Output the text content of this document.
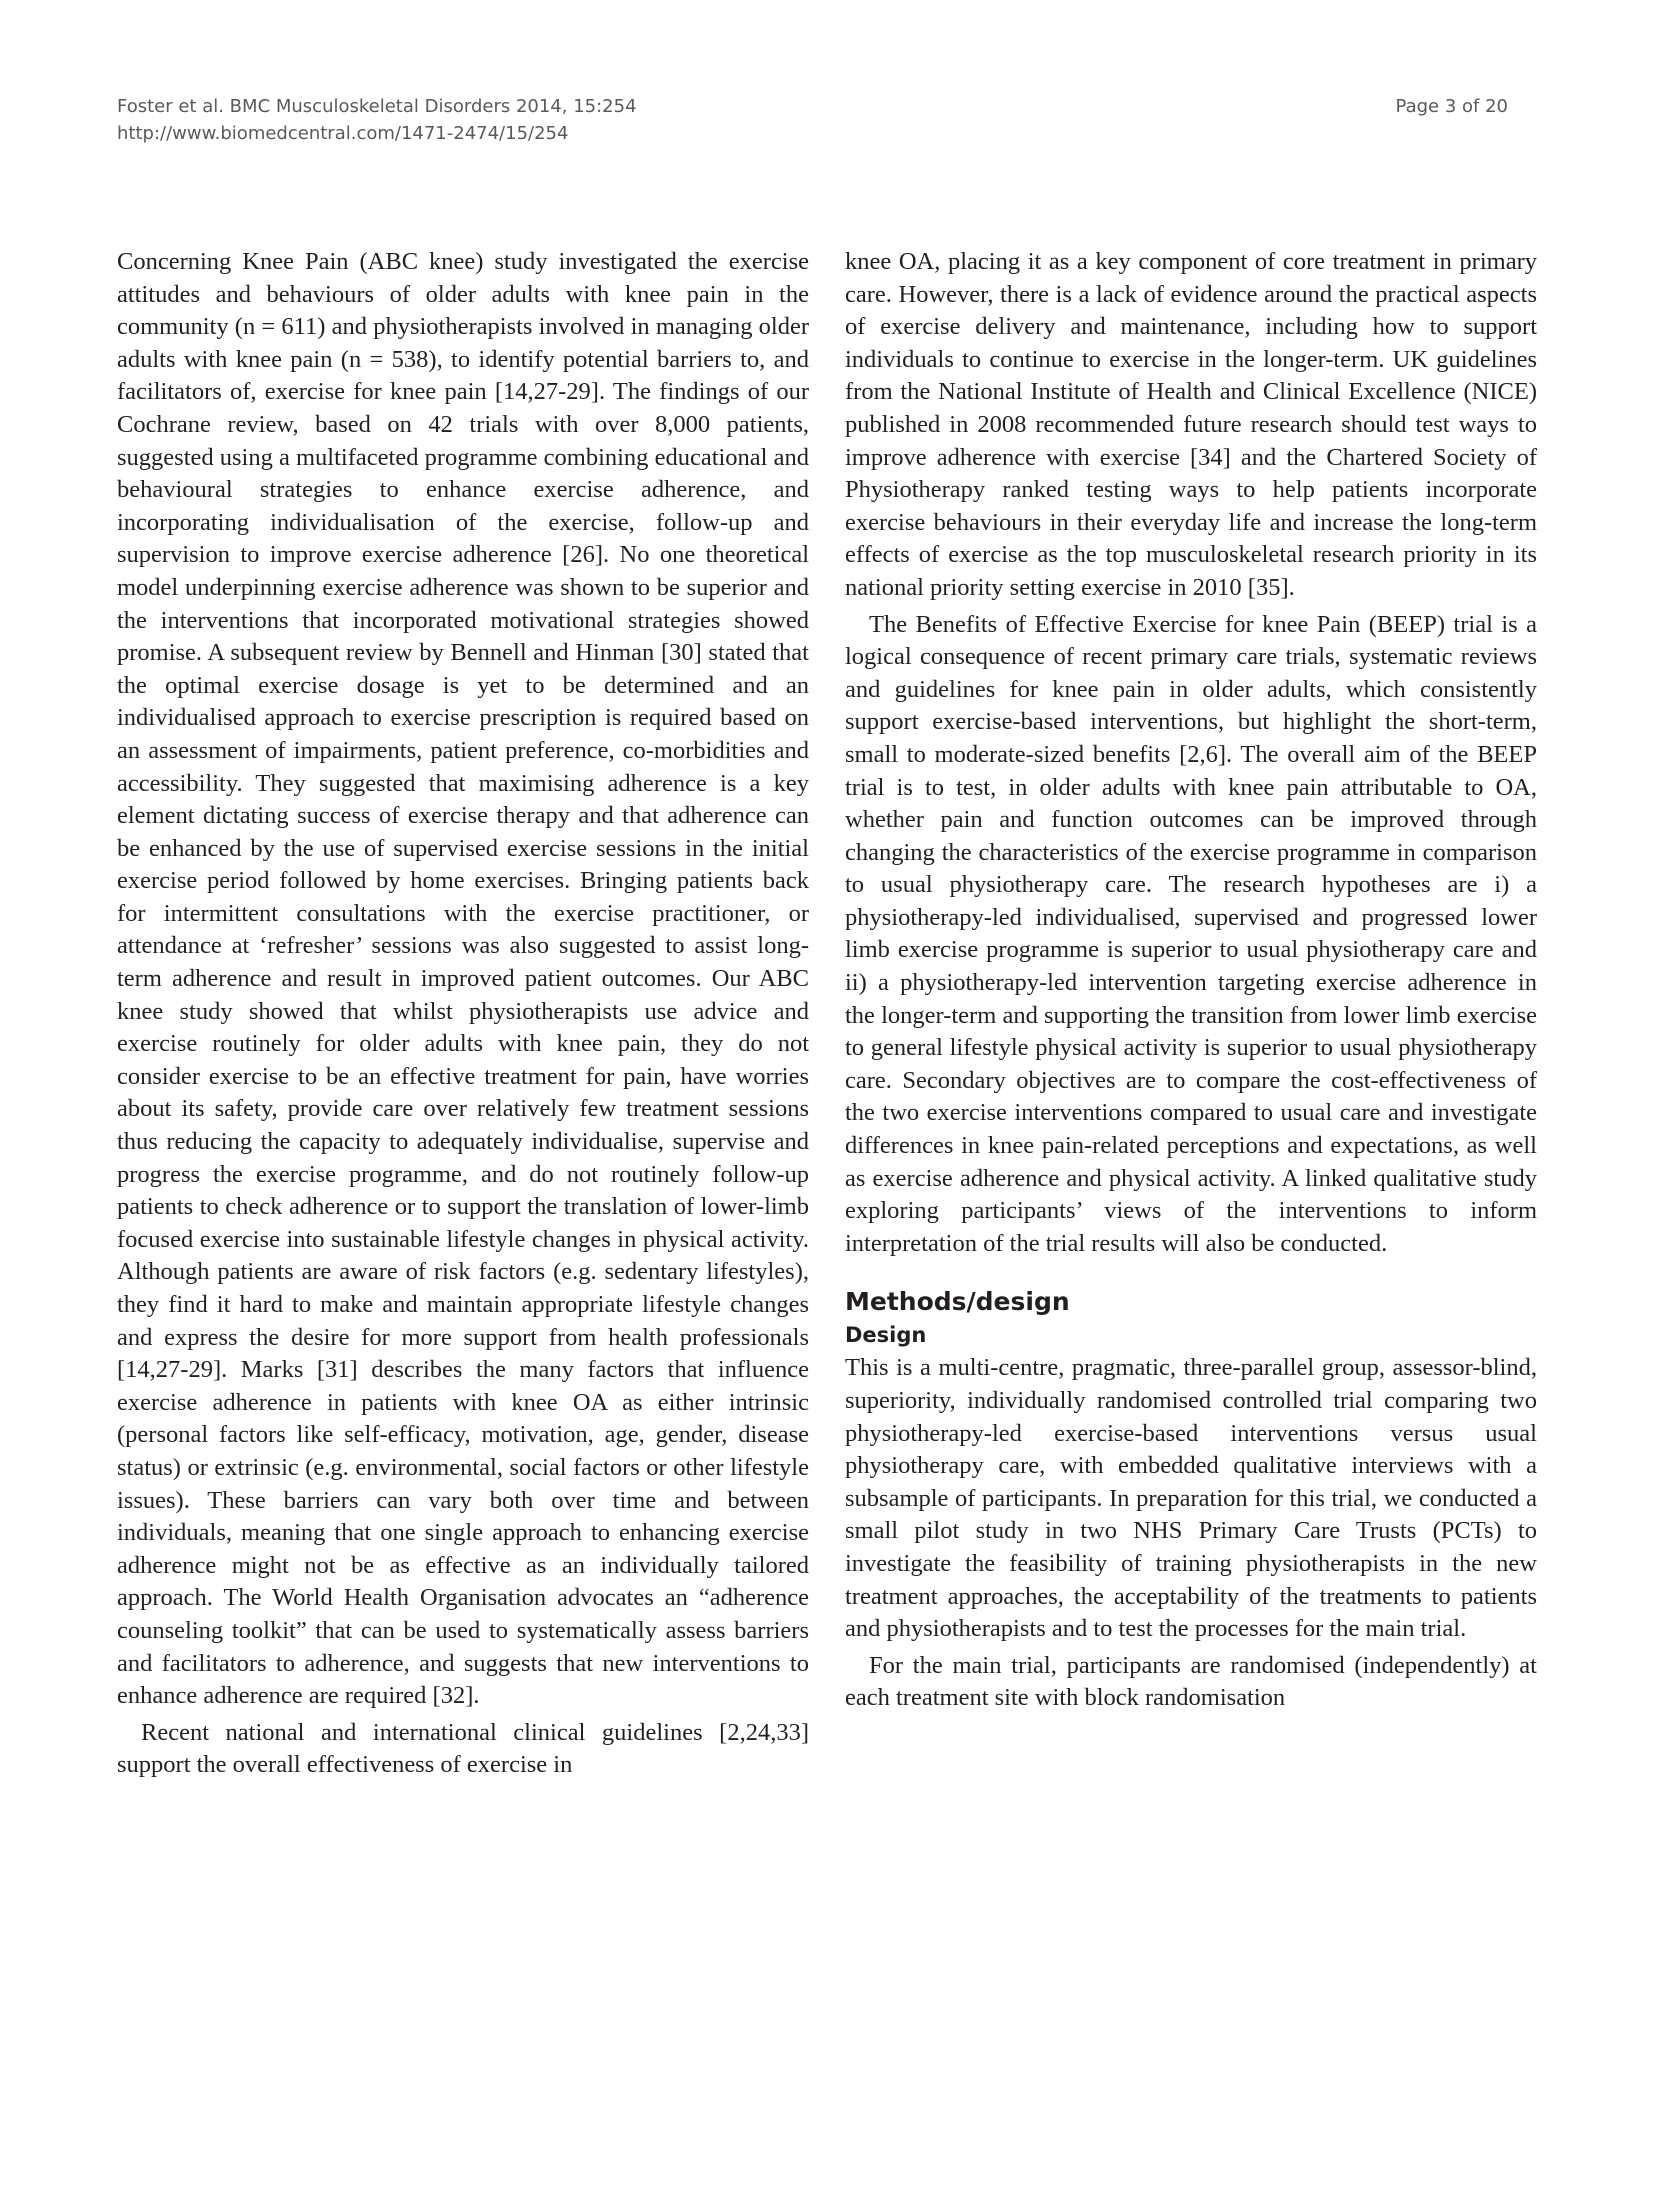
Foster et al. BMC Musculoskeletal Disorders 2014, 15:254
http://www.biomedcentral.com/1471-2474/15/254
Page 3 of 20

Concerning Knee Pain (ABC knee) study investigated the exercise attitudes and behaviours of older adults with knee pain in the community (n = 611) and physiotherapists involved in managing older adults with knee pain (n = 538), to identify potential barriers to, and facilitators of, exercise for knee pain [14,27-29]. The findings of our Cochrane review, based on 42 trials with over 8,000 patients, suggested using a multifaceted programme combining educational and behavioural strategies to enhance exercise adherence, and incorporating individualisation of the exercise, follow-up and supervision to improve exercise adherence [26]. No one theoretical model underpinning exercise adherence was shown to be superior and the interventions that incorporated motivational strategies showed promise. A subsequent review by Bennell and Hinman [30] stated that the optimal exercise dosage is yet to be determined and an individualised approach to exercise prescription is required based on an assessment of impairments, patient preference, co-morbidities and accessibility. They suggested that maximising adherence is a key element dictating success of exercise therapy and that adherence can be enhanced by the use of supervised exercise sessions in the initial exercise period followed by home exercises. Bringing patients back for intermittent consultations with the exercise practitioner, or attendance at ‘refresher’ sessions was also suggested to assist long-term adherence and result in improved patient outcomes. Our ABC knee study showed that whilst physiotherapists use advice and exercise routinely for older adults with knee pain, they do not consider exercise to be an effective treatment for pain, have worries about its safety, provide care over relatively few treatment sessions thus reducing the capacity to adequately individualise, supervise and progress the exercise programme, and do not routinely follow-up patients to check adherence or to support the translation of lower-limb focused exercise into sustainable lifestyle changes in physical activity. Although patients are aware of risk factors (e.g. sedentary lifestyles), they find it hard to make and maintain appropriate lifestyle changes and express the desire for more support from health professionals [14,27-29]. Marks [31] describes the many factors that influence exercise adherence in patients with knee OA as either intrinsic (personal factors like self-efficacy, motivation, age, gender, disease status) or extrinsic (e.g. environmental, social factors or other lifestyle issues). These barriers can vary both over time and between individuals, meaning that one single approach to enhancing exercise adherence might not be as effective as an individually tailored approach. The World Health Organisation advocates an “adherence counseling toolkit” that can be used to systematically assess barriers and facilitators to adherence, and suggests that new interventions to enhance adherence are required [32].

Recent national and international clinical guidelines [2,24,33] support the overall effectiveness of exercise in

knee OA, placing it as a key component of core treatment in primary care. However, there is a lack of evidence around the practical aspects of exercise delivery and maintenance, including how to support individuals to continue to exercise in the longer-term. UK guidelines from the National Institute of Health and Clinical Excellence (NICE) published in 2008 recommended future research should test ways to improve adherence with exercise [34] and the Chartered Society of Physiotherapy ranked testing ways to help patients incorporate exercise behaviours in their everyday life and increase the long-term effects of exercise as the top musculoskeletal research priority in its national priority setting exercise in 2010 [35].

The Benefits of Effective Exercise for knee Pain (BEEP) trial is a logical consequence of recent primary care trials, systematic reviews and guidelines for knee pain in older adults, which consistently support exercise-based interventions, but highlight the short-term, small to moderate-sized benefits [2,6]. The overall aim of the BEEP trial is to test, in older adults with knee pain attributable to OA, whether pain and function outcomes can be improved through changing the characteristics of the exercise programme in comparison to usual physiotherapy care. The research hypotheses are i) a physiotherapy-led individualised, supervised and progressed lower limb exercise programme is superior to usual physiotherapy care and ii) a physiotherapy-led intervention targeting exercise adherence in the longer-term and supporting the transition from lower limb exercise to general lifestyle physical activity is superior to usual physiotherapy care. Secondary objectives are to compare the cost-effectiveness of the two exercise interventions compared to usual care and investigate differences in knee pain-related perceptions and expectations, as well as exercise adherence and physical activity. A linked qualitative study exploring participants’ views of the interventions to inform interpretation of the trial results will also be conducted.

Methods/design
Design

This is a multi-centre, pragmatic, three-parallel group, assessor-blind, superiority, individually randomised controlled trial comparing two physiotherapy-led exercise-based interventions versus usual physiotherapy care, with embedded qualitative interviews with a subsample of participants. In preparation for this trial, we conducted a small pilot study in two NHS Primary Care Trusts (PCTs) to investigate the feasibility of training physiotherapists in the new treatment approaches, the acceptability of the treatments to patients and physiotherapists and to test the processes for the main trial.

For the main trial, participants are randomised (independently) at each treatment site with block randomisation
